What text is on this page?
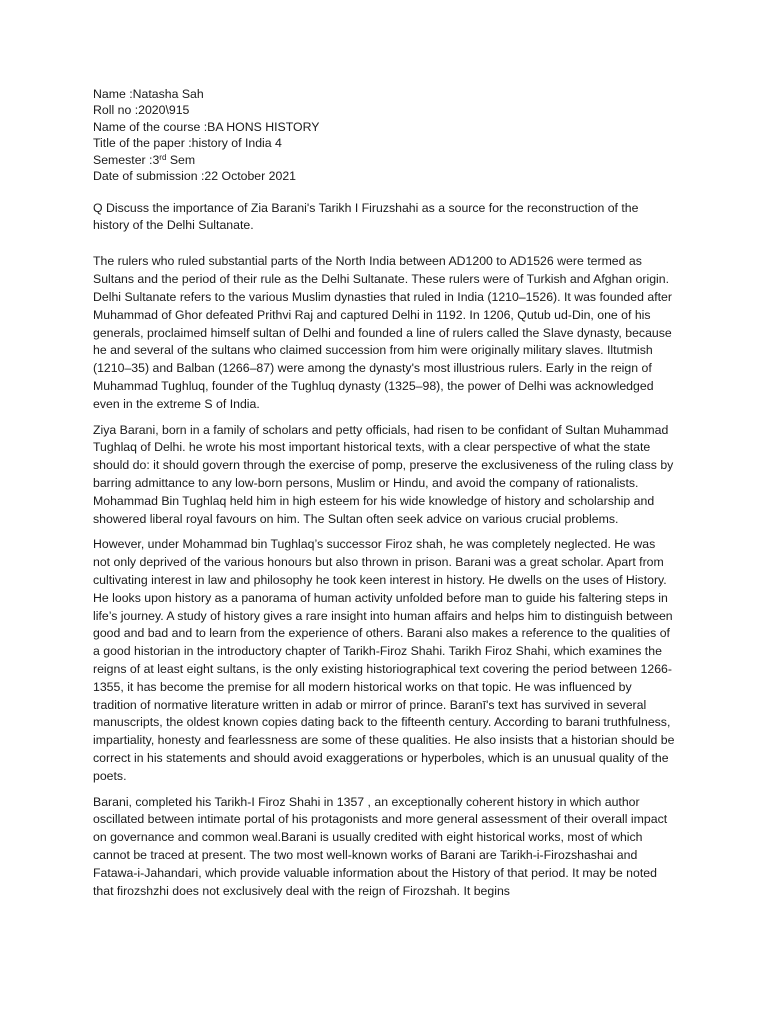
Name :Natasha Sah
Roll no :2020\915
Name of the course :BA HONS HISTORY
Title of the paper :history of India 4
Semester :3rd Sem
Date of submission :22 October 2021
Q Discuss the importance of Zia Barani's Tarikh I Firuzshahi as a source for the reconstruction of the history of the Delhi Sultanate.

The rulers who ruled substantial parts of the North India between AD1200 to AD1526 were termed as Sultans and the period of their rule as the Delhi Sultanate. These rulers were of Turkish and Afghan origin. Delhi Sultanate refers to the various Muslim dynasties that ruled in India (1210–1526). It was founded after Muhammad of Ghor defeated Prithvi Raj and captured Delhi in 1192. In 1206, Qutub ud-Din, one of his generals, proclaimed himself sultan of Delhi and founded a line of rulers called the Slave dynasty, because he and several of the sultans who claimed succession from him were originally military slaves. Iltutmish (1210–35) and Balban (1266–87) were among the dynasty's most illustrious rulers. Early in the reign of Muhammad Tughluq, founder of the Tughluq dynasty (1325–98), the power of Delhi was acknowledged even in the extreme S of India.

Ziya Barani, born in a family of scholars and petty officials, had risen to be confidant of Sultan Muhammad Tughlaq of Delhi. he wrote his most important historical texts, with a clear perspective of what the state should do: it should govern through the exercise of pomp, preserve the exclusiveness of the ruling class by barring admittance to any low-born persons, Muslim or Hindu, and avoid the company of rationalists. Mohammad Bin Tughlaq held him in high esteem for his wide knowledge of history and scholarship and showered liberal royal favours on him. The Sultan often seek advice on various crucial problems.

However, under Mohammad bin Tughlaq’s successor Firoz shah, he was completely neglected. He was not only deprived of the various honours but also thrown in prison. Barani was a great scholar. Apart from cultivating interest in law and philosophy he took keen interest in history. He dwells on the uses of History. He looks upon history as a panorama of human activity unfolded before man to guide his faltering steps in life’s journey. A study of history gives a rare insight into human affairs and helps him to distinguish between good and bad and to learn from the experience of others. Barani also makes a reference to the qualities of a good historian in the introductory chapter of Tarikh-Firoz Shahi. Tarikh Firoz Shahi, which examines the reigns of at least eight sultans, is the only existing historiographical text covering the period between 1266-1355, it has become the premise for all modern historical works on that topic. He was influenced by tradition of normative literature written in adab or mirror of prince. Baranī's text has survived in several manuscripts, the oldest known copies dating back to the fifteenth century. According to barani truthfulness, impartiality, honesty and fearlessness are some of these qualities. He also insists that a historian should be correct in his statements and should avoid exaggerations or hyperboles, which is an unusual quality of the poets.

Barani, completed his Tarikh-I Firoz Shahi in 1357 , an exceptionally coherent history in which author oscillated between intimate portal of his protagonists and more general assessment of their overall impact on governance and common weal.Barani is usually credited with eight historical works, most of which cannot be traced at present. The two most well-known works of Barani are Tarikh-i-Firozshashai and Fatawa-i-Jahandari, which provide valuable information about the History of that period. It may be noted that firozshzhi does not exclusively deal with the reign of Firozshah. It begins
